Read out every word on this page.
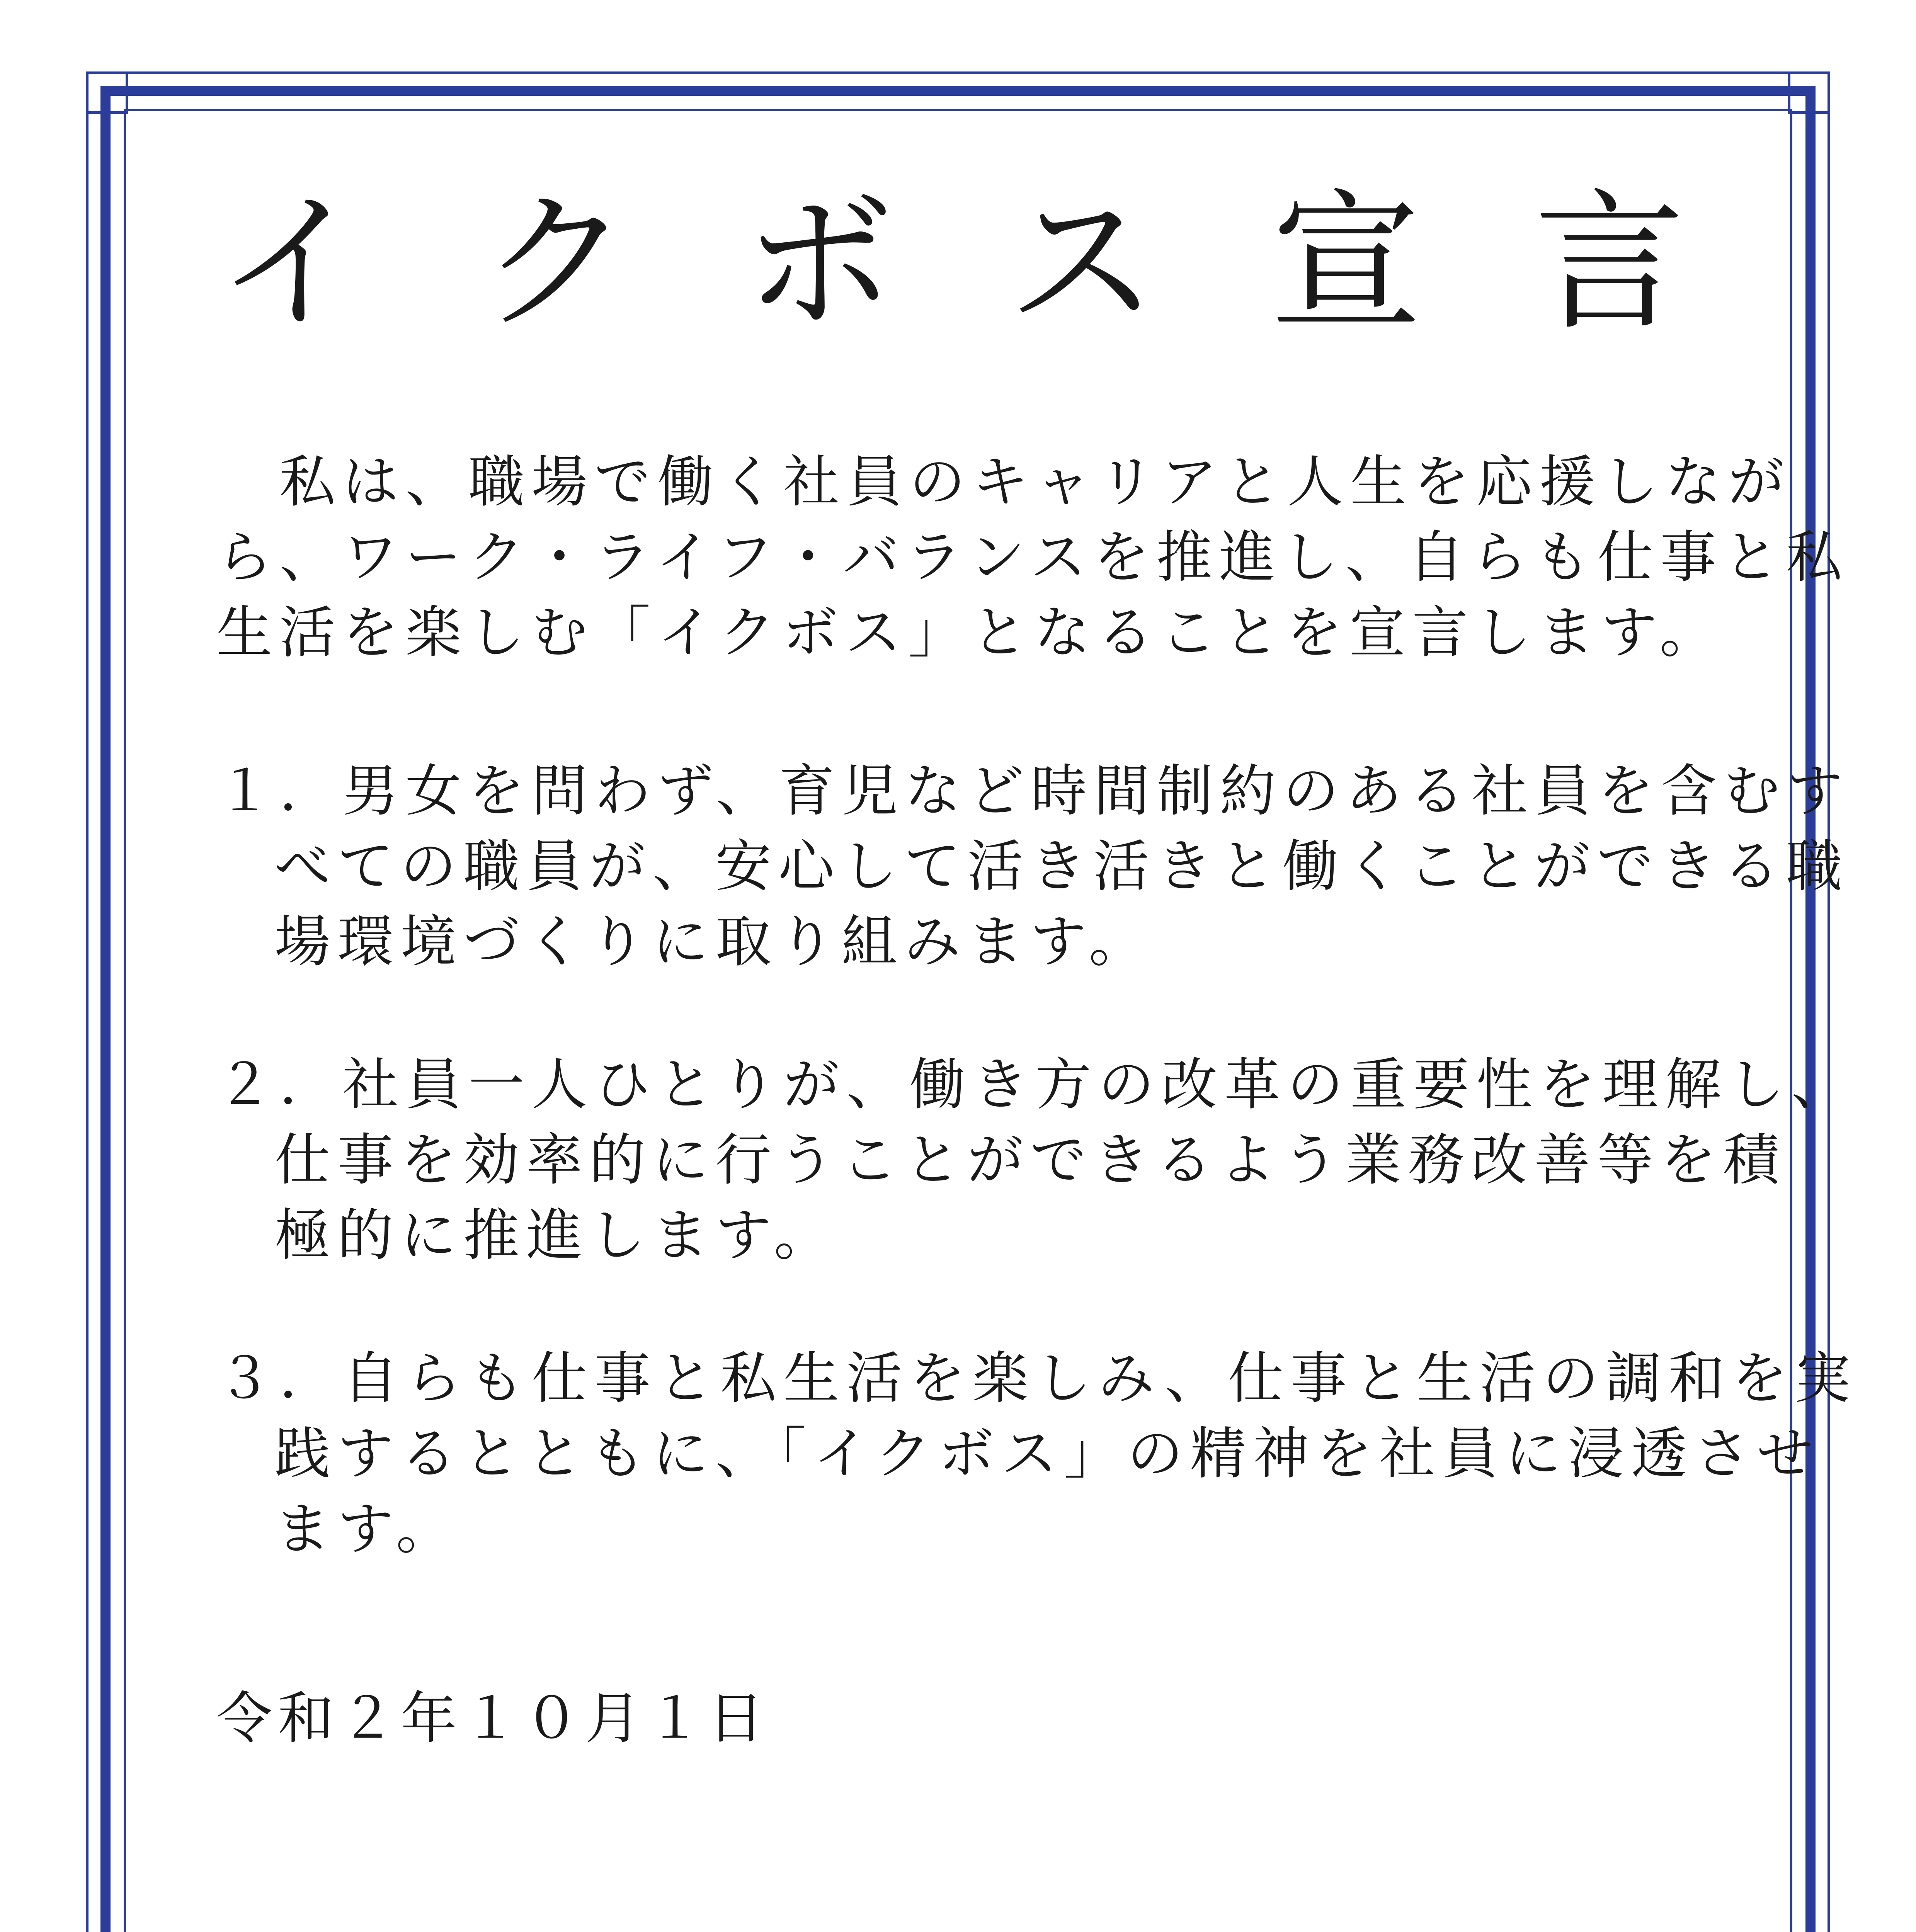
イ ク ボ ス 宣 言
　私は、職場で働く社員のキャリアと人生を応援しなが
ら、ワーク・ライフ・バランスを推進し、自らも仕事と私
生活を楽しむ「イクボス」となることを宣言します。
１．男女を問わず、育児など時間制約のある社員を含むす
べての職員が、安心して活き活きと働くことができる職
場環境づくりに取り組みます。
２．社員一人ひとりが、働き方の改革の重要性を理解し、
仕事を効率的に行うことができるよう業務改善等を積
極的に推進します。
３．自らも仕事と私生活を楽しみ、仕事と生活の調和を実
践するとともに、「イクボス」の精神を社員に浸透させ
ます。
令和２年１０月１日
